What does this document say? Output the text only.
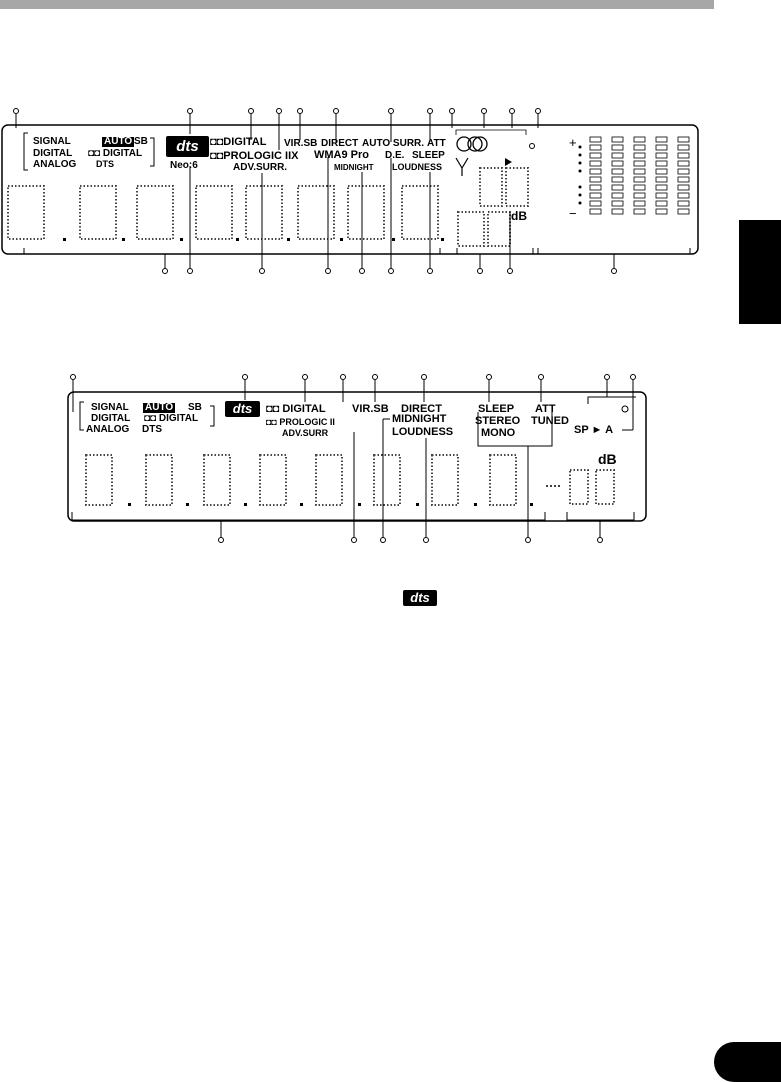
SIGNAL	AUTO SB
DIGITAL ◘◘ DIGITAL
ANALOG DTS
dts
Neo:6
◘◘DIGITAL
◘◘PROLOGIC IIX
ADV.SURR.
VIR.SB DIRECT
WMA9 Pro
MIDNIGHT
AUTO SURR. ATT
D.E. SLEEP
LOUDNESS
dB
+
−
SIGNAL AUTO SB
DIGITAL ◘◘ DIGITAL
ANALOG DTS
dts	◘◘ DIGITAL
◘◘ PROLOGIC II
ADV.SURR
VIR.SB DIRECT
MIDNIGHT
LOUDNESS
SLEEP
STEREO
MONO
ATT
TUNED
SP ► A
dB
dts
